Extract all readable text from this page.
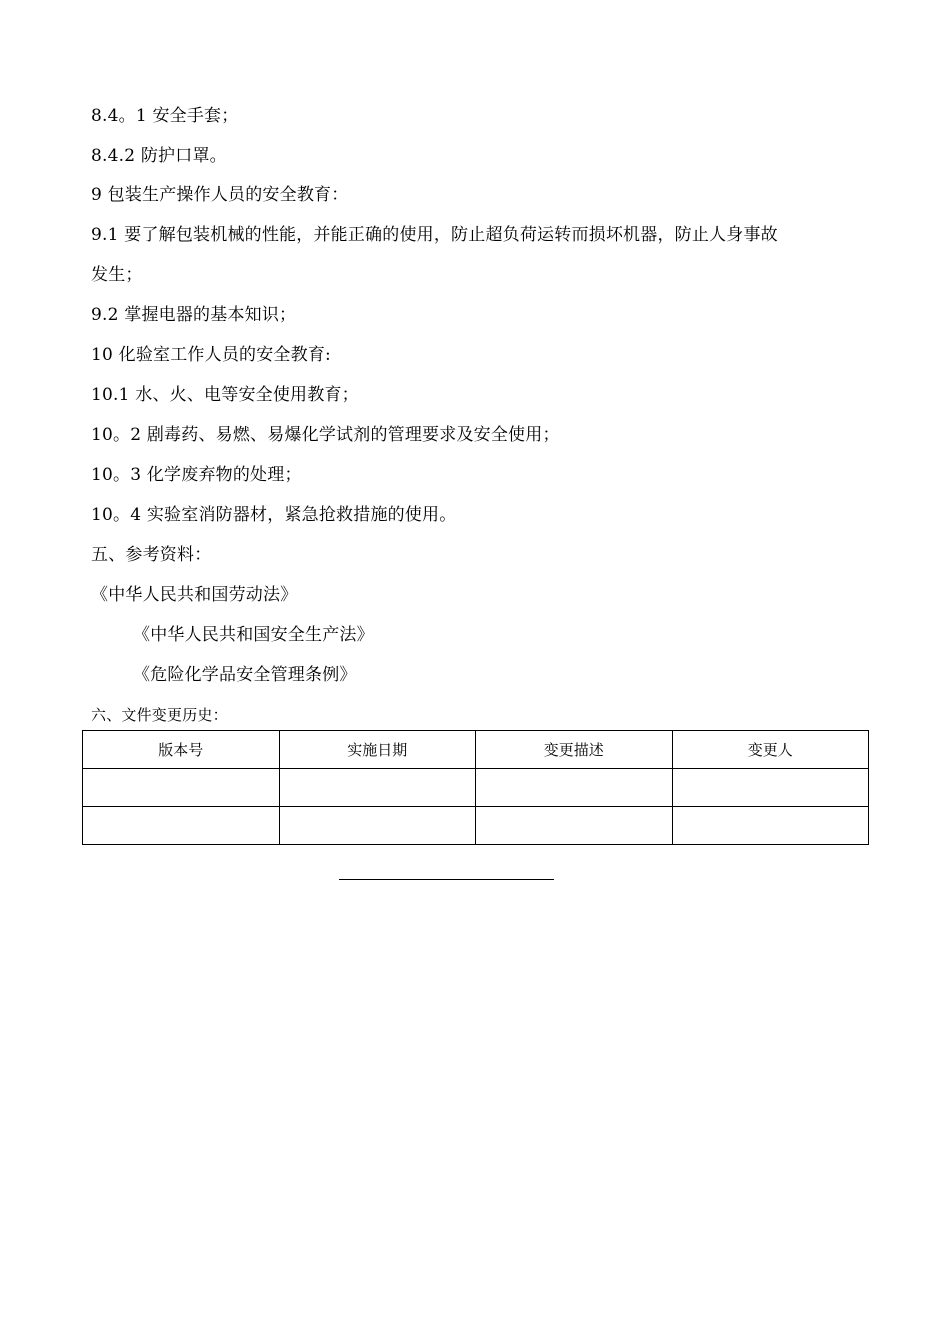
8.4。1 安全手套；
8.4.2 防护口罩。
9 包装生产操作人员的安全教育：
9.1 要了解包装机械的性能，并能正确的使用，防止超负荷运转而损坏机器，防止人身事故
发生；
9.2 掌握电器的基本知识；
10 化验室工作人员的安全教育:
10.1 水、火、电等安全使用教育；
10。2 剧毒药、易燃、易爆化学试剂的管理要求及安全使用；
10。3 化学废弃物的处理；
10。4 实验室消防器材，紧急抢救措施的使用。
五、参考资料：
《中华人民共和国劳动法》
《中华人民共和国安全生产法》
《危险化学品安全管理条例》
六、文件变更历史：
版本号	实施日期	变更描述	变更人
